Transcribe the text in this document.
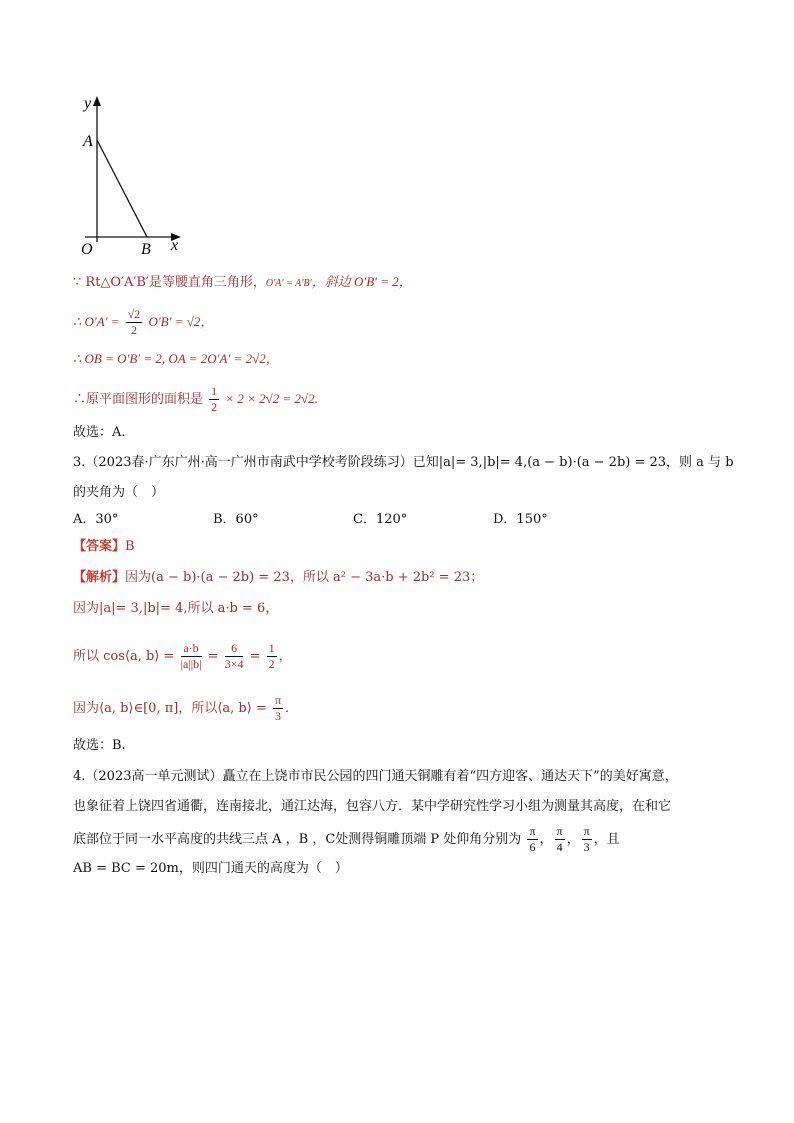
y
A
O	B x
∵ Rt△O′A′B′是等腰直角三角形，O′A′ = A′B′，斜边 O′B′ = 2，
∴ $O'A' = \frac{√2}{2} O'B' = √2$，
∴ OB = O′B′ = 2, OA = 2O′A′ = 2√2，
∴原平面图形的面积是 $\frac{1}{2} \times 2 \times 2√2 = 2√2$.
故选：A.
3.（2023春·广东广州·高一广州市南武中学校考阶段练习）已知|a|= 3,|b|= 4,(a − b)·(a − 2b) = 23，则 a 与 b
的夹角为（　）
A．30°	B．60°	C．120°	D．150°
【答案】B
【解析】因为(a − b)·(a − 2b) = 23，所以 a² − 3a·b + 2b² = 23；
因为|a|= 3,|b|= 4,所以 a·b = 6，
所以 cos⟨a, b⟩ = $\frac{a\cdot b}{|a||b|} = \frac{6}{3\times 4} = \frac{1}{2}$ ，
因为⟨a, b⟩∈[0, π]，所以⟨a, b⟩ = $\frac{\pi}{3}$ .
故选：B.
4.（2023高一单元测试）矗立在上饶市市民公园的四门通天铜雕有着“四方迎客、通达天下”的美好寓意，
也象征着上饶四省通衢，连南接北，通江达海，包容八方．某中学研究性学习小组为测量其高度，在和它
底部位于同一水平高度的共线三点 A ，B ，C处测得铜雕顶端 P 处仰角分别为 $\frac{\pi}{6}$ ， $\frac{\pi}{4}$ ， $\frac{\pi}{3}$ ，且
AB = BC = 20m，则四门通天的高度为（　）
